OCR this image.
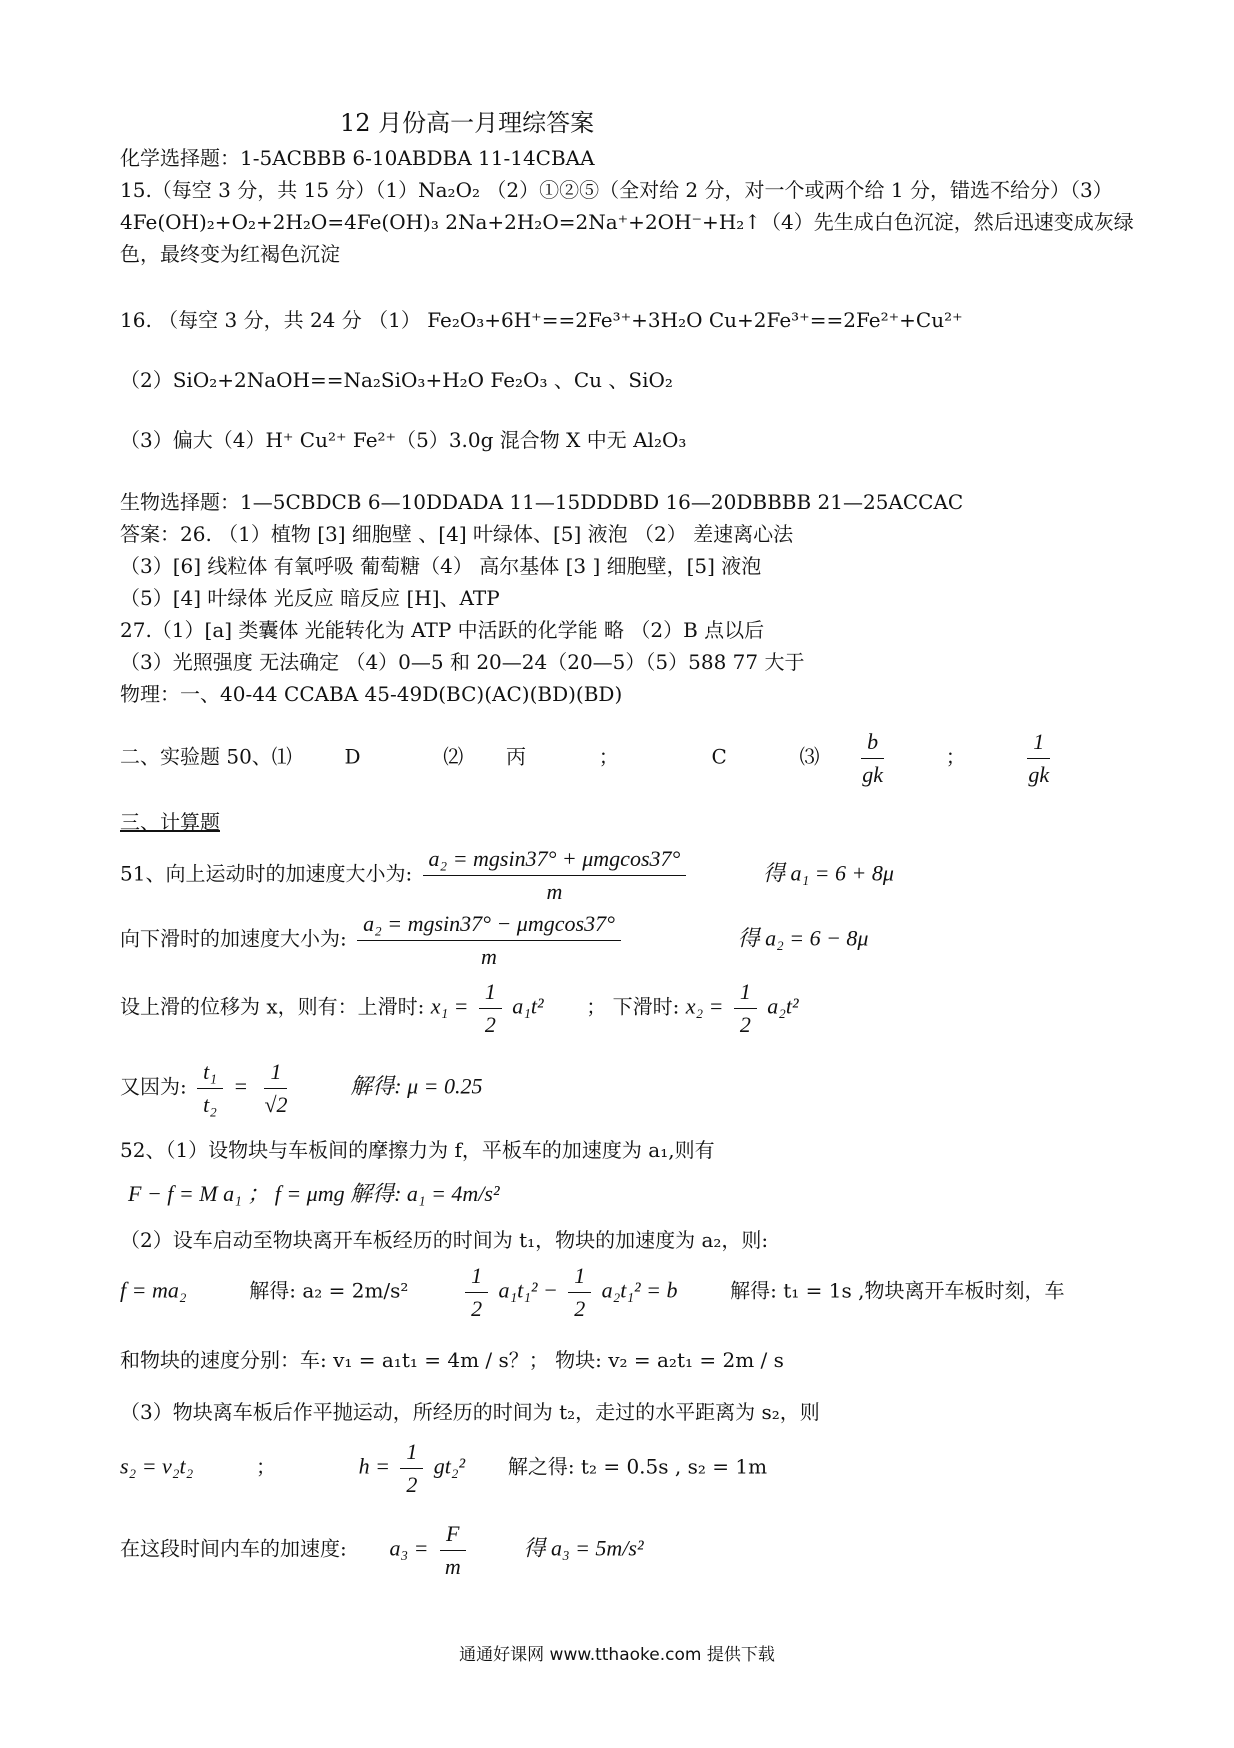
12 月份高一月理综答案
化学选择题：1-5ACBBB 6-10ABDBA 11-14CBAA
15.（每空 3 分，共 15 分）（1）Na₂O₂ （2）①②⑤（全对给 2 分，对一个或两个给 1 分，错选不给分）（3）
4Fe(OH)₂+O₂+2H₂O=4Fe(OH)₃ 2Na+2H₂O=2Na⁺+2OH⁻+H₂↑（4）先生成白色沉淀，然后迅速变成灰绿
色，最终变为红褐色沉淀
16. （每空 3 分，共 24 分 （1） Fe₂O₃+6H⁺==2Fe³⁺+3H₂O Cu+2Fe³⁺==2Fe²⁺+Cu²⁺
（2）SiO₂+2NaOH==Na₂SiO₃+H₂O Fe₂O₃ 、Cu 、SiO₂
（3）偏大（4）H⁺ Cu²⁺ Fe²⁺（5）3.0g 混合物 X 中无 Al₂O₃
生物选择题：1—5CBDCB 6—10DDADA 11—15DDDBD 16—20DBBBB 21—25ACCAC
答案：26. （1）植物 [3] 细胞壁 、[4] 叶绿体、[5] 液泡 （2） 差速离心法
（3）[6] 线粒体 有氧呼吸 葡萄糖（4） 高尔基体 [3 ] 细胞壁，[5] 液泡
（5）[4] 叶绿体 光反应 暗反应 [H]、ATP
27.（1）[a] 类囊体 光能转化为 ATP 中活跃的化学能 略 （2）B 点以后
（3）光照强度 无法确定 （4）0—5 和 20—24（20—5）（5）588 77 大于
物理：一、40-44 CCABA 45-49D(BC)(AC)(BD)(BD)
二、实验题 50、⑴	D	⑵ 丙	；	C	⑶ $\frac{b}{gk}$	；	$\frac{1}{gk}$
三、计算题
51、向上运动时的加速度大小为: $\frac{\text{a₂ = mgsin37° + μmgcos37°}}{m}$	得 a₁ = 6 + 8μ
向下滑时的加速度大小为: $\frac{\text{a₂ = mgsin37° − μmgcos37°}}{m}$	得 a₂ = 6 − 8μ
设上滑的位移为 x，则有：上滑时: $x_1 = \frac{1}{2} a_1t^2$ ； 下滑时: $x_2 = \frac{1}{2} a_2t^2$
又因为: $\frac{\text{t₁}}{\text{t₂}} = \frac{1}{√2}$	解得: μ = 0.25
52、（1）设物块与车板间的摩擦力为 f，平板车的加速度为 a₁,则有
F − f = M a₁ ； f = μmg 解得: a₁ = 4m/s²
（2）设车启动至物块离开车板经历的时间为 t₁，物块的加速度为 a₂，则:
f = ma₂	解得: a₂ = 2m/s²	$\frac{1}{2} a_1t_1^2 - \frac{1}{2} a_2t_1^2 = b$	解得: t₁ = 1s ,物块离开车板时刻，车
和物块的速度分别：车: v₁ = a₁t₁ = 4m / s？； 物块: v₂ = a₂t₁ = 2m / s
（3）物块离车板后作平抛运动，所经历的时间为 t₂，走过的水平距离为 s₂，则
s₂ = v₂t₂	；	$h = \frac{1}{2} gt_2^2$ 解之得: t₂ = 0.5s , s₂ = 1m
在这段时间内车的加速度: $a_3 = \frac{F}{m}$	得 a₃ = 5m/s²
通通好课网 www.tthaoke.com 提供下载
